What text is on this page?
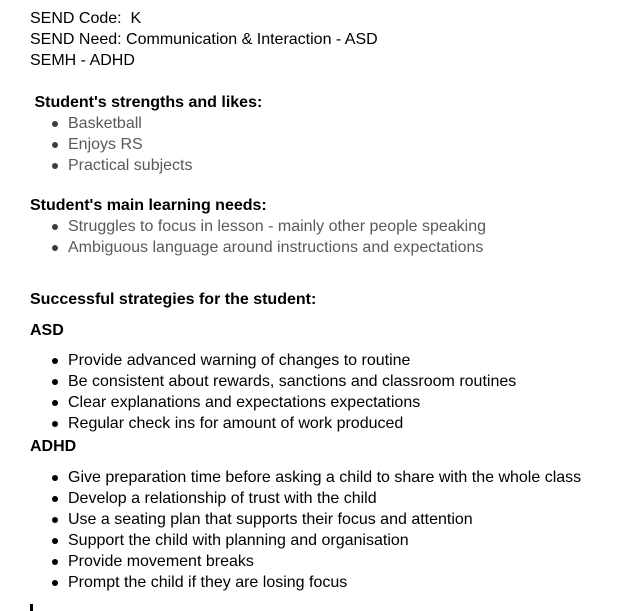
SEND Code:  K
SEND Need: Communication & Interaction - ASD
SEMH - ADHD
Student's strengths and likes:
Basketball
Enjoys RS
Practical subjects
Student's main learning needs:
Struggles to focus in lesson - mainly other people speaking
Ambiguous language around instructions and expectations
Successful strategies for the student:
ASD
Provide advanced warning of changes to routine
Be consistent about rewards, sanctions and classroom routines
Clear explanations and expectations expectations
Regular check ins for amount of work produced
ADHD
Give preparation time before asking a child to share with the whole class
Develop a relationship of trust with the child
Use a seating plan that supports their focus and attention
Support the child with planning and organisation
Provide movement breaks
Prompt the child if they are losing focus
